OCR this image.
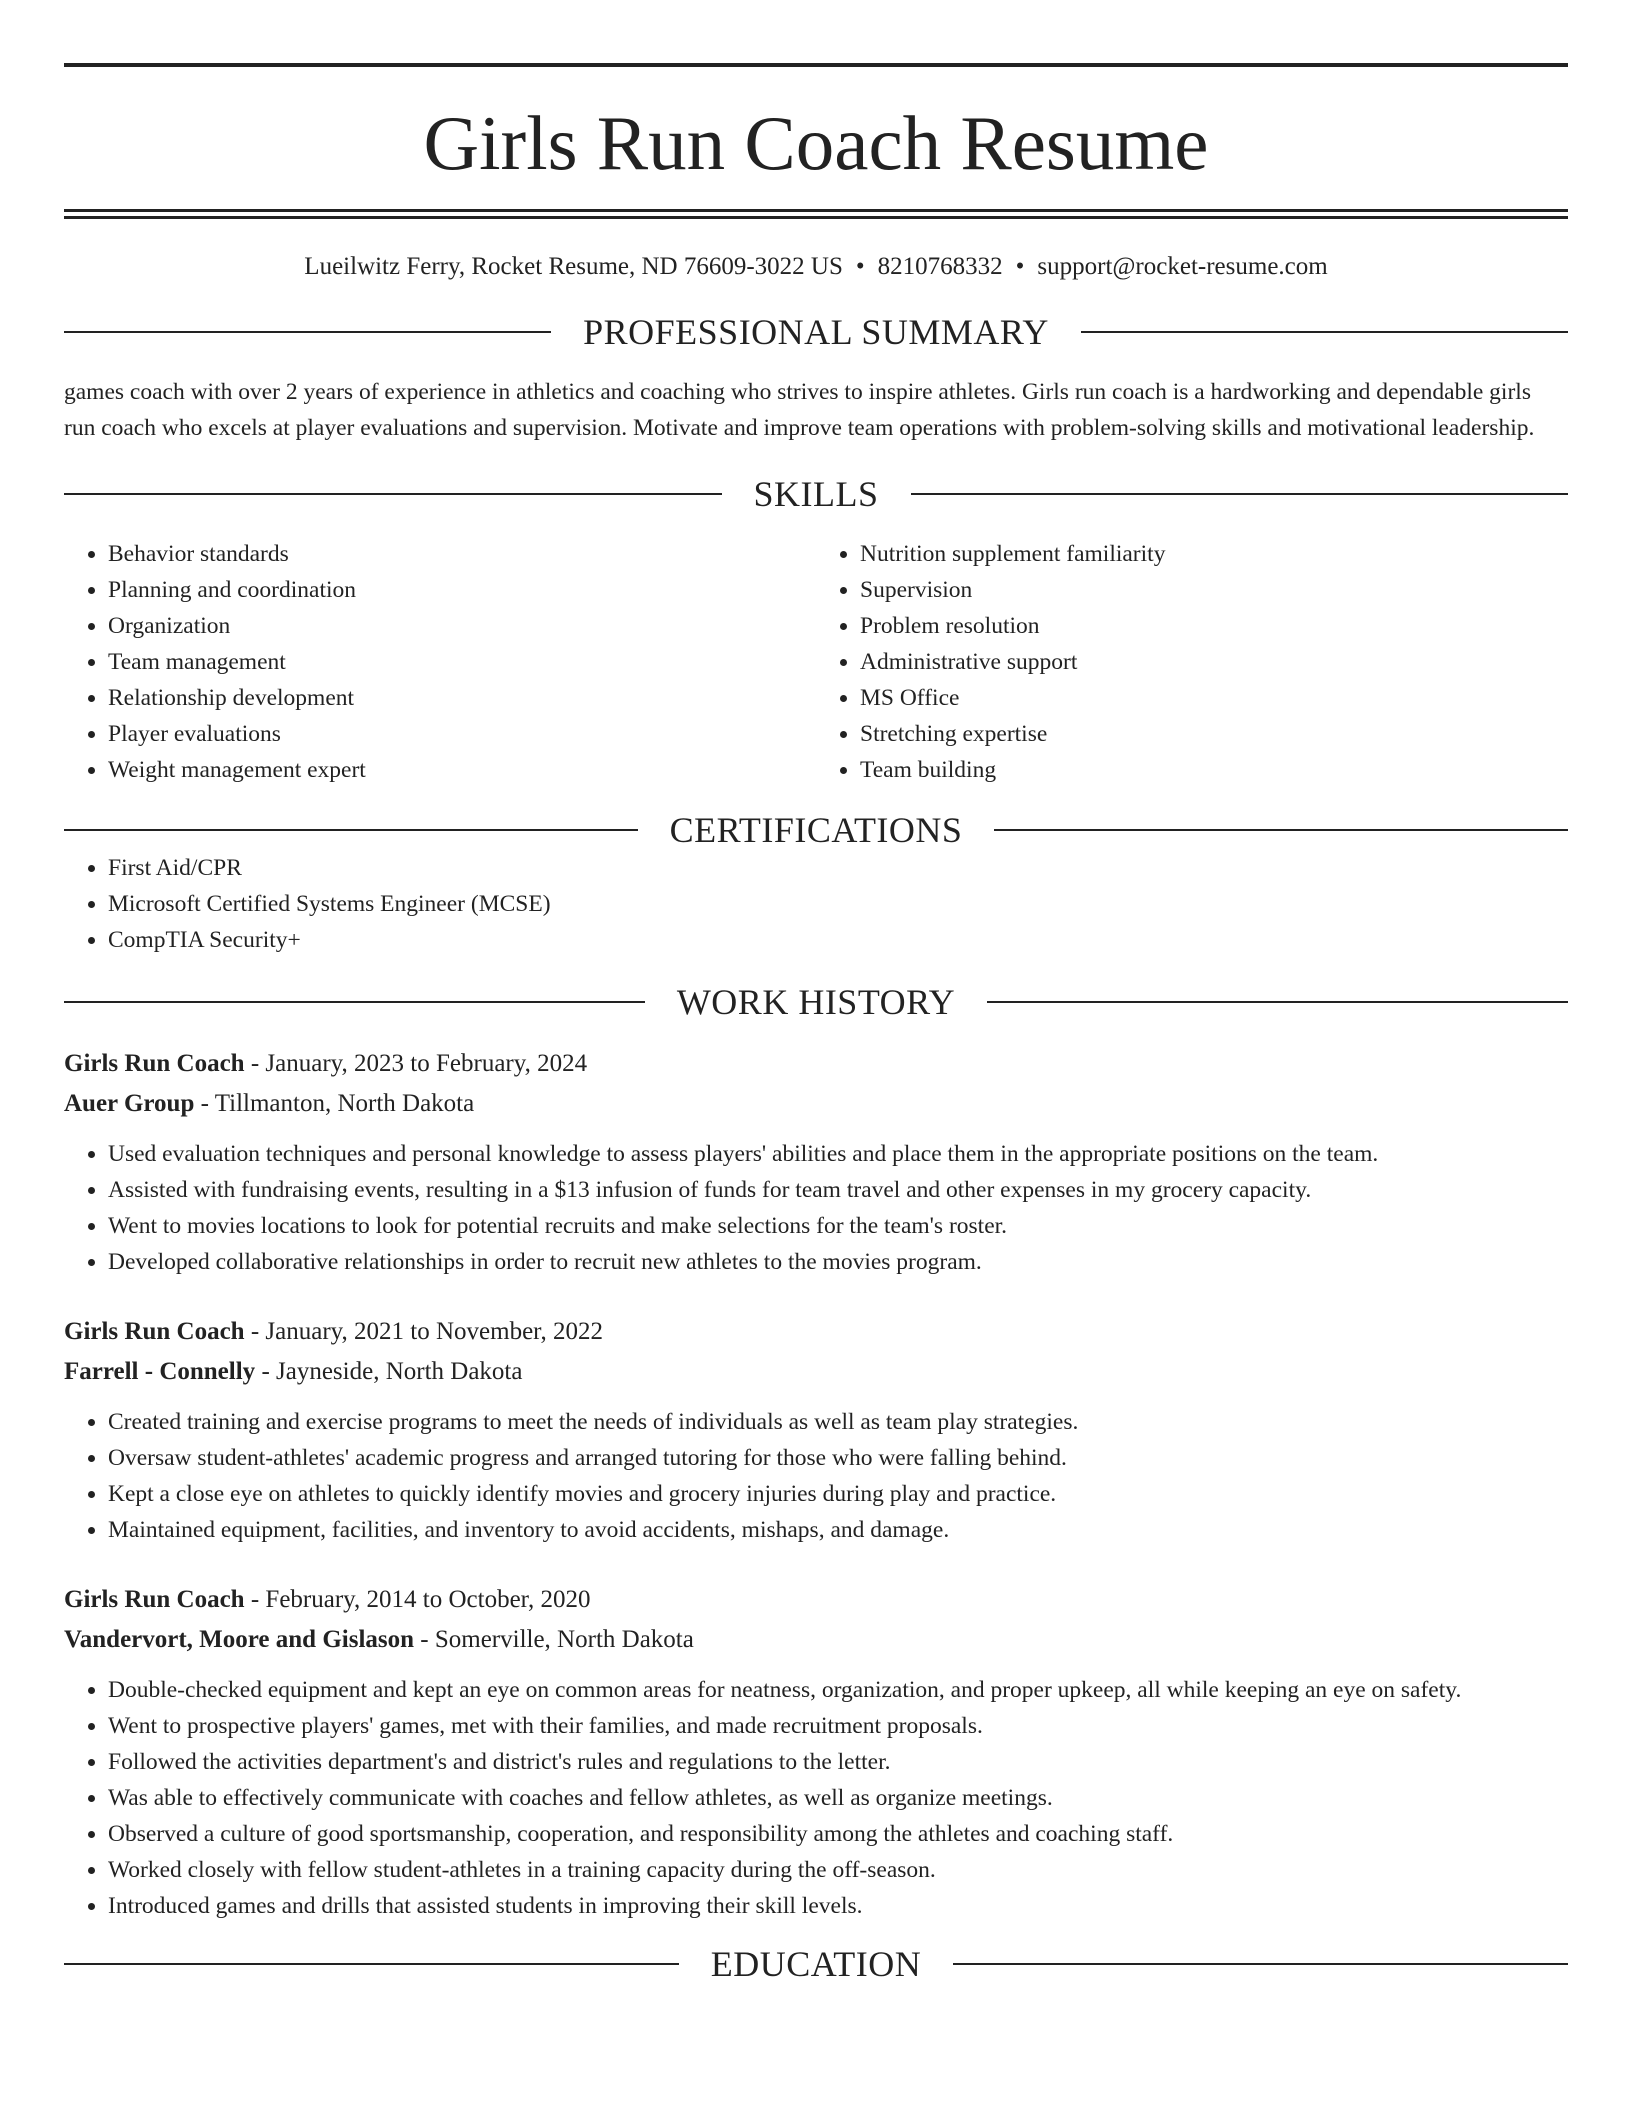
Girls Run Coach Resume
Lueilwitz Ferry, Rocket Resume, ND 76609-3022 US • 8210768332 • support@rocket-resume.com
PROFESSIONAL SUMMARY
games coach with over 2 years of experience in athletics and coaching who strives to inspire athletes. Girls run coach is a hardworking and dependable girls run coach who excels at player evaluations and supervision. Motivate and improve team operations with problem-solving skills and motivational leadership.
SKILLS
• Behavior standards
• Planning and coordination
• Organization
• Team management
• Relationship development
• Player evaluations
• Weight management expert
• Nutrition supplement familiarity
• Supervision
• Problem resolution
• Administrative support
• MS Office
• Stretching expertise
• Team building
CERTIFICATIONS
• First Aid/CPR
• Microsoft Certified Systems Engineer (MCSE)
• CompTIA Security+
WORK HISTORY
Girls Run Coach - January, 2023 to February, 2024
Auer Group - Tillmanton, North Dakota
• Used evaluation techniques and personal knowledge to assess players' abilities and place them in the appropriate positions on the team.
• Assisted with fundraising events, resulting in a $13 infusion of funds for team travel and other expenses in my grocery capacity.
• Went to movies locations to look for potential recruits and make selections for the team's roster.
• Developed collaborative relationships in order to recruit new athletes to the movies program.
Girls Run Coach - January, 2021 to November, 2022
Farrell - Connelly - Jayneside, North Dakota
• Created training and exercise programs to meet the needs of individuals as well as team play strategies.
• Oversaw student-athletes' academic progress and arranged tutoring for those who were falling behind.
• Kept a close eye on athletes to quickly identify movies and grocery injuries during play and practice.
• Maintained equipment, facilities, and inventory to avoid accidents, mishaps, and damage.
Girls Run Coach - February, 2014 to October, 2020
Vandervort, Moore and Gislason - Somerville, North Dakota
• Double-checked equipment and kept an eye on common areas for neatness, organization, and proper upkeep, all while keeping an eye on safety.
• Went to prospective players' games, met with their families, and made recruitment proposals.
• Followed the activities department's and district's rules and regulations to the letter.
• Was able to effectively communicate with coaches and fellow athletes, as well as organize meetings.
• Observed a culture of good sportsmanship, cooperation, and responsibility among the athletes and coaching staff.
• Worked closely with fellow student-athletes in a training capacity during the off-season.
• Introduced games and drills that assisted students in improving their skill levels.
EDUCATION
